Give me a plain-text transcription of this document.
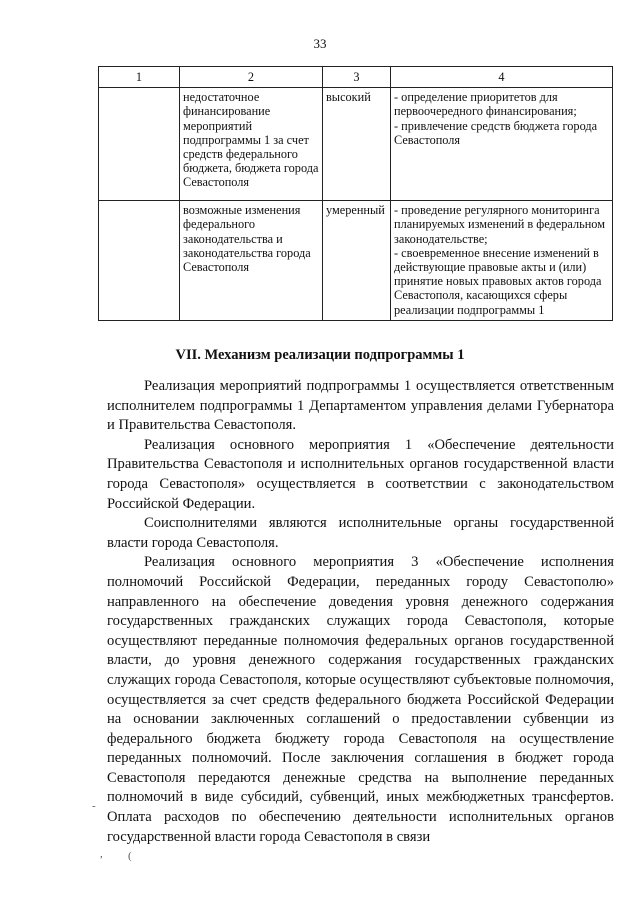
33
1	2	3	4
	недостаточное финансирование мероприятий подпрограммы 1 за счет средств федерального бюджета, бюджета города Севастополя	высокий	- определение приоритетов для первоочередного финансирования;
- привлечение средств бюджета города Севастополя

	возможные изменения федерального законодательства и законодательства города Севастополя	умеренный	- проведение регулярного мониторинга планируемых изменений в федеральном законодательстве;
- своевременное внесение изменений в действующие правовые акты и (или) принятие новых правовых актов города Севастополя, касающихся сферы реализации подпрограммы 1
VII. Механизм реализации подпрограммы 1

Реализация мероприятий подпрограммы 1 осуществляется ответственным исполнителем подпрограммы 1 Департаментом управления делами Губернатора и Правительства Севастополя.

Реализация основного мероприятия 1 «Обеспечение деятельности Правительства Севастополя и исполнительных органов государственной власти города Севастополя» осуществляется в соответствии с законодательством Российской Федерации.

Соисполнителями являются исполнительные органы государственной власти города Севастополя.

Реализация основного мероприятия 3 «Обеспечение исполнения полномочий Российской Федерации, переданных городу Севастополю» направленного на обеспечение доведения уровня денежного содержания государственных гражданских служащих города Севастополя, которые осуществляют переданные полномочия федеральных органов государственной власти, до уровня денежного содержания государственных гражданских служащих города Севастополя, которые осуществляют субъектовые полномочия, осуществляется за счет средств федерального бюджета Российской Федерации на основании заключенных соглашений о предоставлении субвенции из федерального бюджета бюджету города Севастополя на осуществление переданных полномочий. После заключения соглашения в бюджет города Севастополя передаются денежные средства на выполнение переданных полномочий в виде субсидий, субвенций, иных межбюджетных трансфертов. Оплата расходов по обеспечению деятельности исполнительных органов государственной власти города Севастополя в связи

-
, (
